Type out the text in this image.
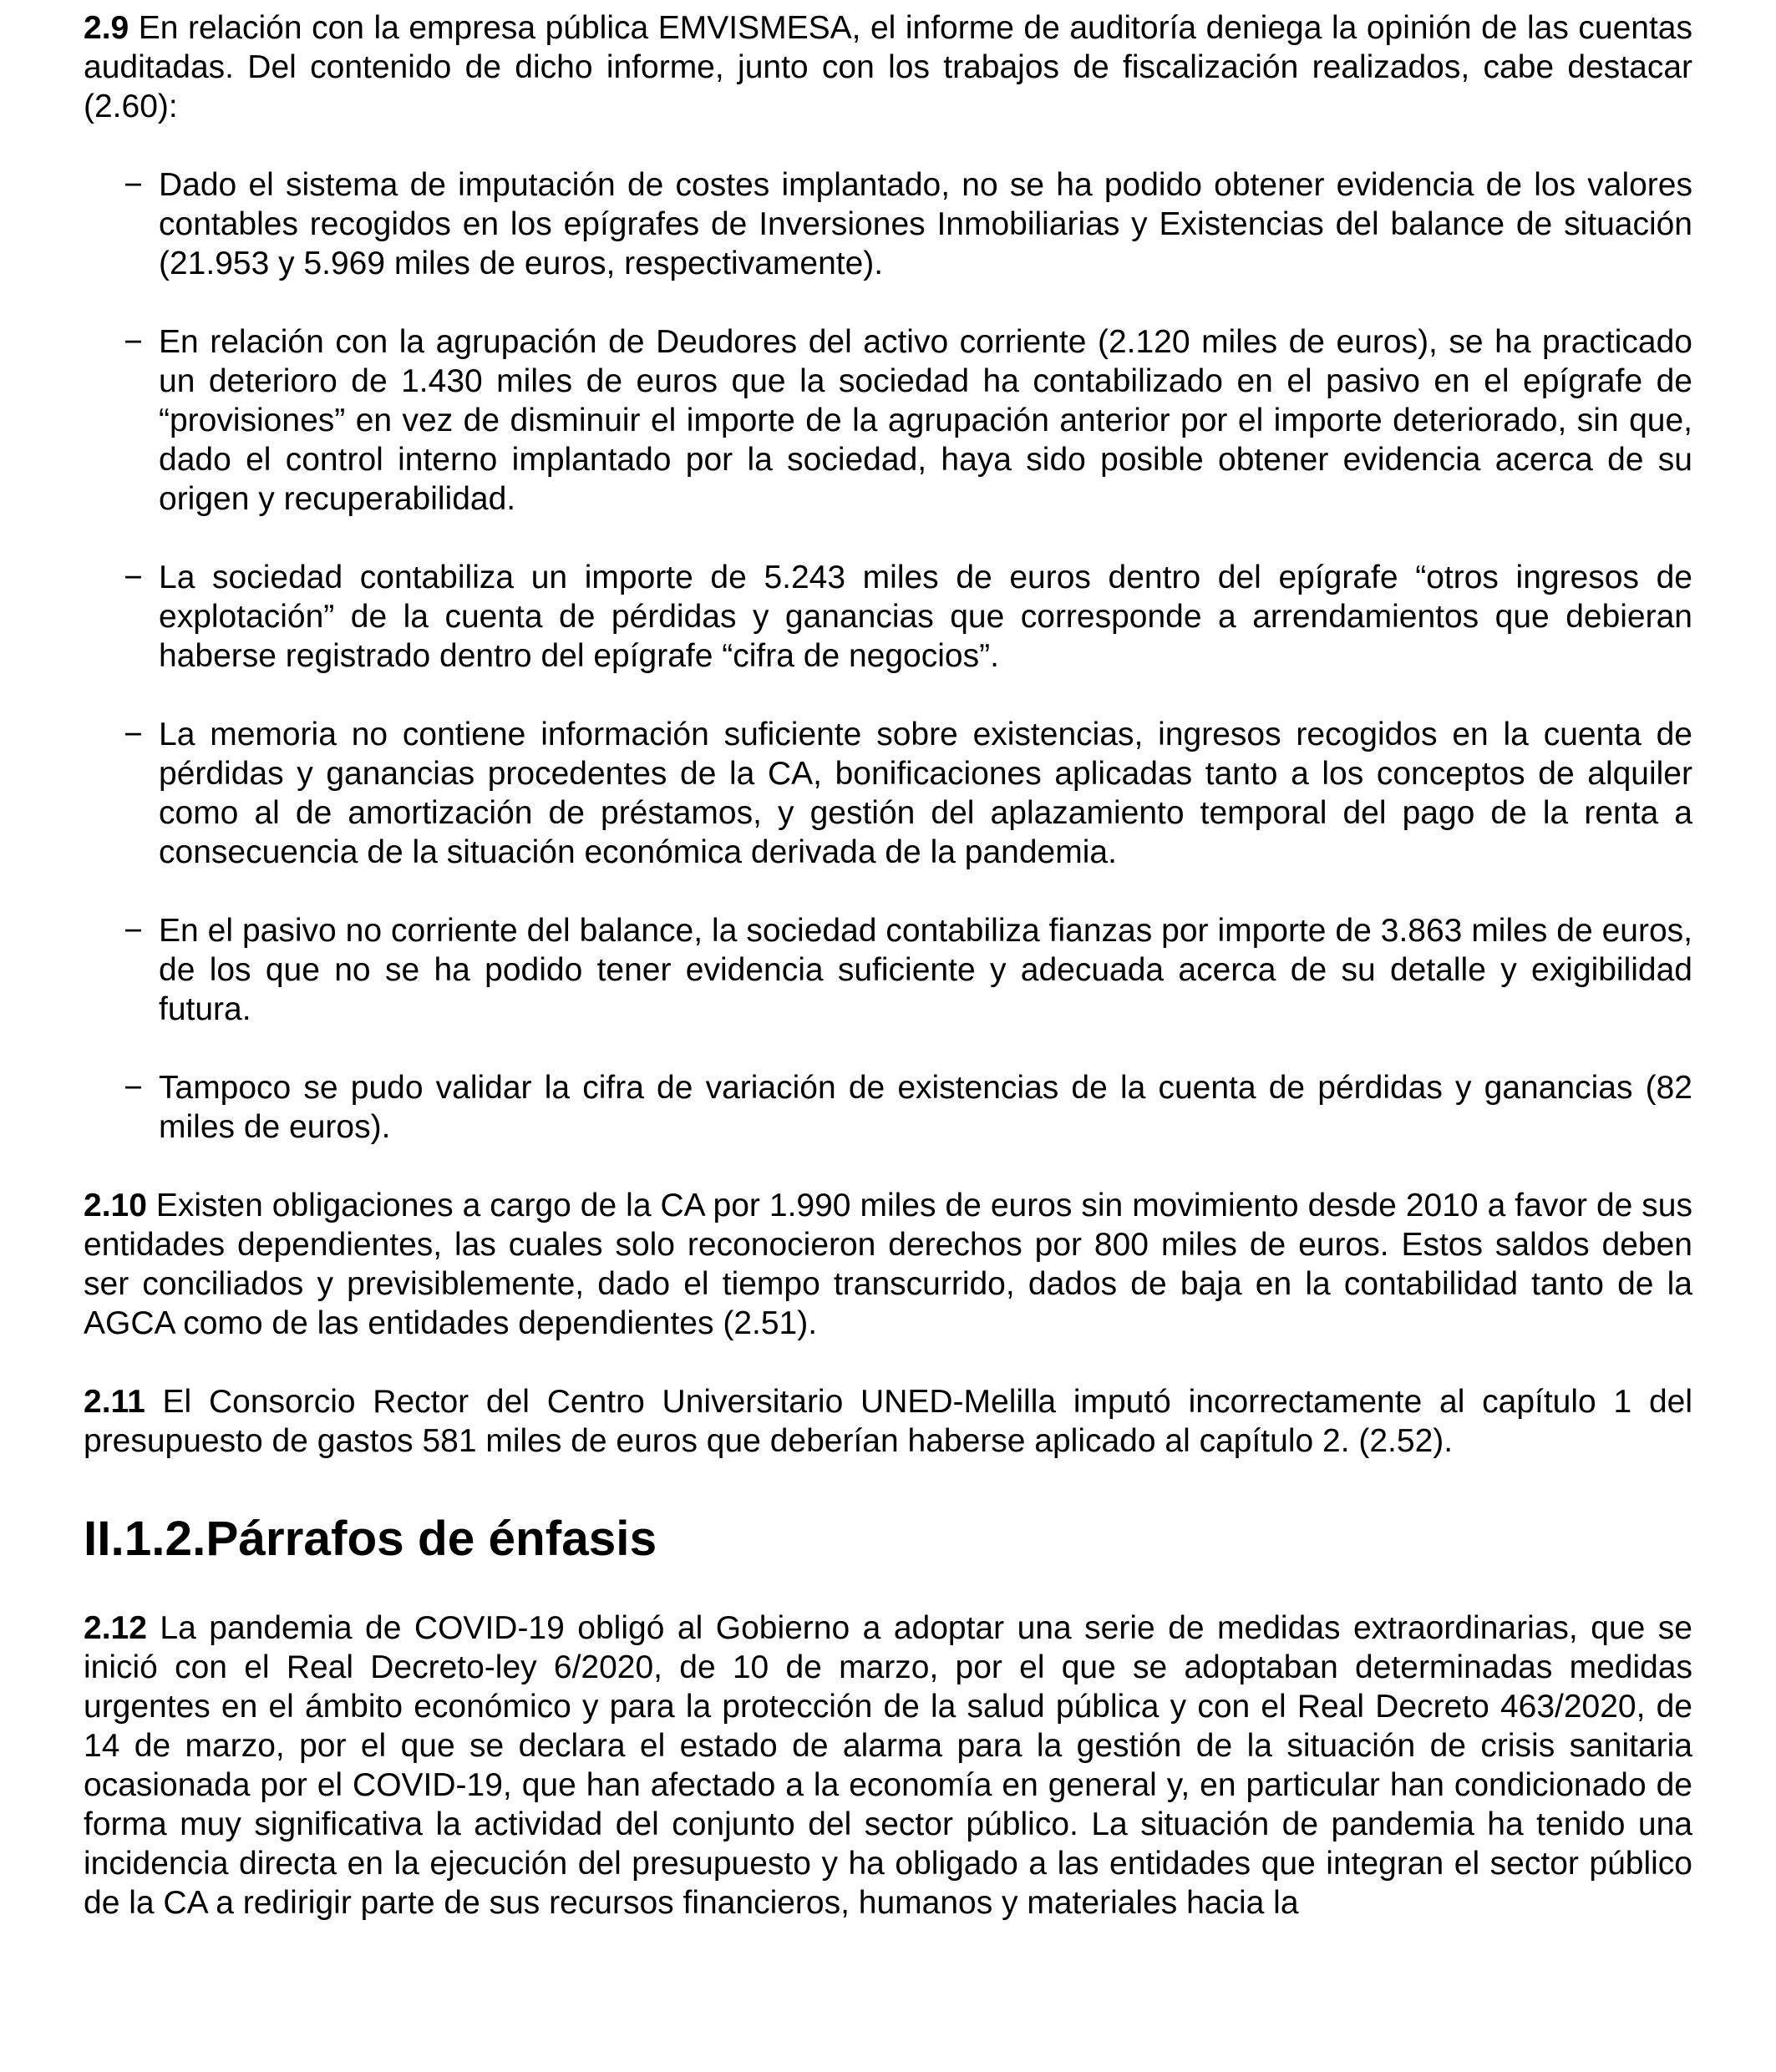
2.9 En relación con la empresa pública EMVISMESA, el informe de auditoría deniega la opinión de las cuentas auditadas. Del contenido de dicho informe, junto con los trabajos de fiscalización realizados, cabe destacar (2.60):

− Dado el sistema de imputación de costes implantado, no se ha podido obtener evidencia de los valores contables recogidos en los epígrafes de Inversiones Inmobiliarias y Existencias del balance de situación (21.953 y 5.969 miles de euros, respectivamente).
− En relación con la agrupación de Deudores del activo corriente (2.120 miles de euros), se ha practicado un deterioro de 1.430 miles de euros que la sociedad ha contabilizado en el pasivo en el epígrafe de “provisiones” en vez de disminuir el importe de la agrupación anterior por el importe deteriorado, sin que, dado el control interno implantado por la sociedad, haya sido posible obtener evidencia acerca de su origen y recuperabilidad.
− La sociedad contabiliza un importe de 5.243 miles de euros dentro del epígrafe “otros ingresos de explotación” de la cuenta de pérdidas y ganancias que corresponde a arrendamientos que debieran haberse registrado dentro del epígrafe “cifra de negocios”.
− La memoria no contiene información suficiente sobre existencias, ingresos recogidos en la cuenta de pérdidas y ganancias procedentes de la CA, bonificaciones aplicadas tanto a los conceptos de alquiler como al de amortización de préstamos, y gestión del aplazamiento temporal del pago de la renta a consecuencia de la situación económica derivada de la pandemia.
− En el pasivo no corriente del balance, la sociedad contabiliza fianzas por importe de 3.863 miles de euros, de los que no se ha podido tener evidencia suficiente y adecuada acerca de su detalle y exigibilidad futura.
− Tampoco se pudo validar la cifra de variación de existencias de la cuenta de pérdidas y ganancias (82 miles de euros).

2.10 Existen obligaciones a cargo de la CA por 1.990 miles de euros sin movimiento desde 2010 a favor de sus entidades dependientes, las cuales solo reconocieron derechos por 800 miles de euros. Estos saldos deben ser conciliados y previsiblemente, dado el tiempo transcurrido, dados de baja en la contabilidad tanto de la AGCA como de las entidades dependientes (2.51).

2.11 El Consorcio Rector del Centro Universitario UNED-Melilla imputó incorrectamente al capítulo 1 del presupuesto de gastos 581 miles de euros que deberían haberse aplicado al capítulo 2. (2.52).

II.1.2.Párrafos de énfasis

2.12 La pandemia de COVID-19 obligó al Gobierno a adoptar una serie de medidas extraordinarias, que se inició con el Real Decreto-ley 6/2020, de 10 de marzo, por el que se adoptaban determinadas medidas urgentes en el ámbito económico y para la protección de la salud pública y con el Real Decreto 463/2020, de 14 de marzo, por el que se declara el estado de alarma para la gestión de la situación de crisis sanitaria ocasionada por el COVID-19, que han afectado a la economía en general y, en particular han condicionado de forma muy significativa la actividad del conjunto del sector público. La situación de pandemia ha tenido una incidencia directa en la ejecución del presupuesto y ha obligado a las entidades que integran el sector público de la CA a redirigir parte de sus recursos financieros, humanos y materiales hacia la
